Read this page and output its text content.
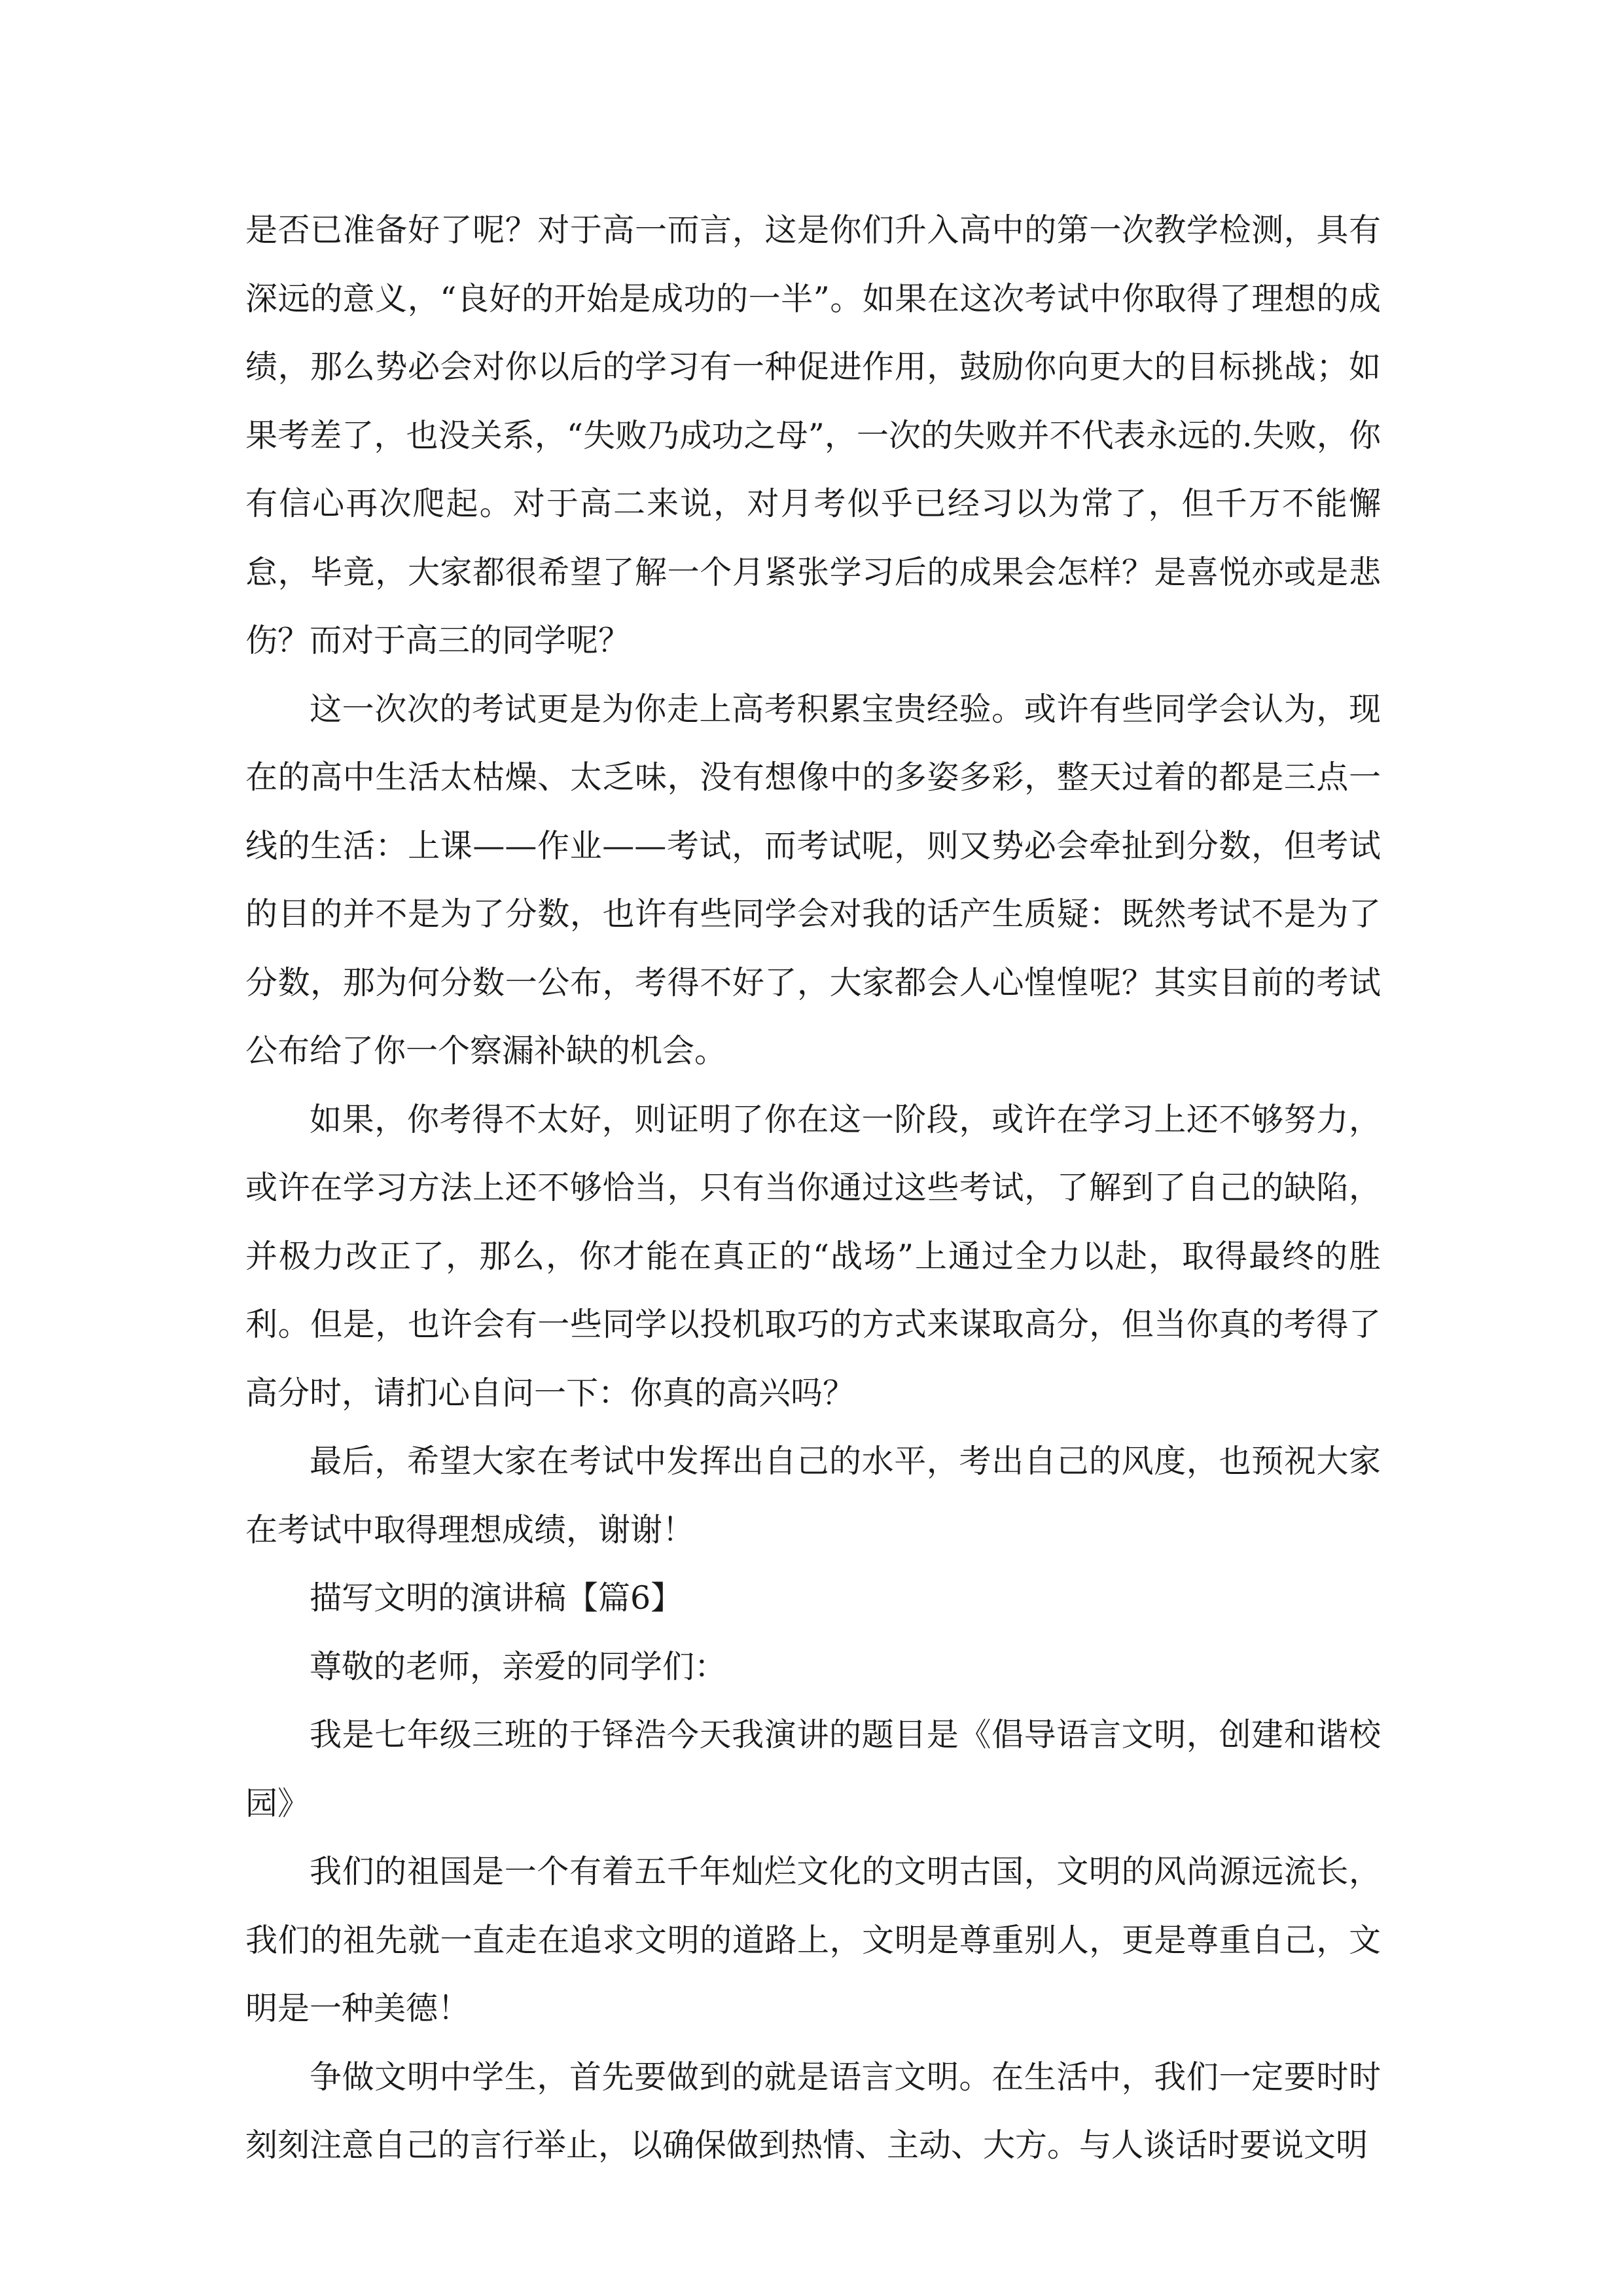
是否已准备好了呢？对于高一而言，这是你们升入高中的第一次教学检测，具有深远的意义，“良好的开始是成功的一半”。如果在这次考试中你取得了理想的成绩，那么势必会对你以后的学习有一种促进作用，鼓励你向更大的目标挑战；如果考差了，也没关系，“失败乃成功之母”，一次的失败并不代表永远的.失败，你有信心再次爬起。对于高二来说，对月考似乎已经习以为常了，但千万不能懈怠，毕竟，大家都很希望了解一个月紧张学习后的成果会怎样？是喜悦亦或是悲伤？而对于高三的同学呢？

这一次次的考试更是为你走上高考积累宝贵经验。或许有些同学会认为，现在的高中生活太枯燥、太乏味，没有想像中的多姿多彩，整天过着的都是三点一线的生活：上课——作业——考试，而考试呢，则又势必会牵扯到分数，但考试的目的并不是为了分数，也许有些同学会对我的话产生质疑：既然考试不是为了分数，那为何分数一公布，考得不好了，大家都会人心惶惶呢？其实目前的考试公布给了你一个察漏补缺的机会。

如果，你考得不太好，则证明了你在这一阶段，或许在学习上还不够努力，或许在学习方法上还不够恰当，只有当你通过这些考试，了解到了自己的缺陷，并极力改正了，那么，你才能在真正的“战场”上通过全力以赴，取得最终的胜利。但是，也许会有一些同学以投机取巧的方式来谋取高分，但当你真的考得了高分时，请扪心自问一下：你真的高兴吗？

最后，希望大家在考试中发挥出自己的水平，考出自己的风度，也预祝大家在考试中取得理想成绩，谢谢！

描写文明的演讲稿【篇6】

尊敬的老师，亲爱的同学们：

我是七年级三班的于铎浩今天我演讲的题目是《倡导语言文明，创建和谐校园》

我们的祖国是一个有着五千年灿烂文化的文明古国，文明的风尚源远流长，我们的祖先就一直走在追求文明的道路上，文明是尊重别人，更是尊重自己，文明是一种美德！

争做文明中学生，首先要做到的就是语言文明。在生活中，我们一定要时时刻刻注意自己的言行举止，以确保做到热情、主动、大方。与人谈话时要说文明
